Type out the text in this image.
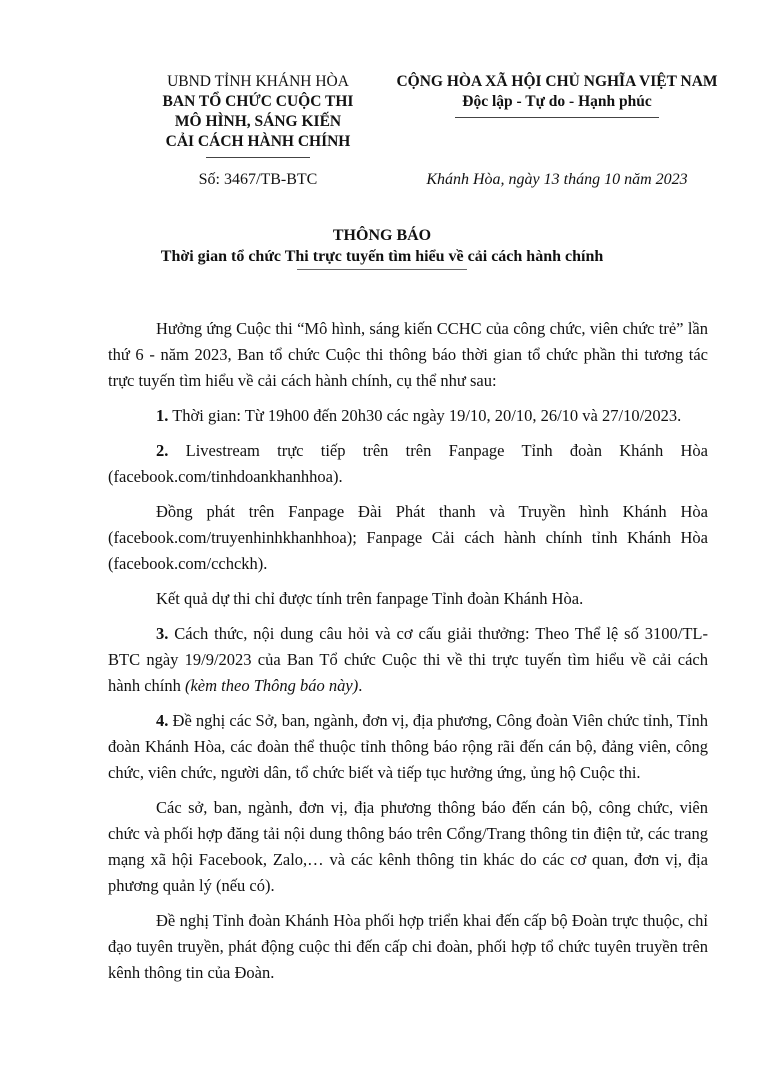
UBND TỈNH KHÁNH HÒA
BAN TỔ CHỨC CUỘC THI
MÔ HÌNH, SÁNG KIẾN
CẢI CÁCH HÀNH CHÍNH
CỘNG HÒA XÃ HỘI CHỦ NGHĨA VIỆT NAM
Độc lập - Tự do - Hạnh phúc
Số: 3467/TB-BTC	Khánh Hòa, ngày 13 tháng 10 năm 2023
THÔNG BÁO
Thời gian tổ chức Thi trực tuyến tìm hiểu về cải cách hành chính

Hưởng ứng Cuộc thi “Mô hình, sáng kiến CCHC của công chức, viên chức trẻ” lần thứ 6 - năm 2023, Ban tổ chức Cuộc thi thông báo thời gian tổ chức phần thi tương tác trực tuyến tìm hiểu về cải cách hành chính, cụ thể như sau:

1. Thời gian: Từ 19h00 đến 20h30 các ngày 19/10, 20/10, 26/10 và 27/10/2023.

2. Livestream trực tiếp trên trên Fanpage Tỉnh đoàn Khánh Hòa (facebook.com/tinhdoankhanhhoa).

Đồng phát trên Fanpage Đài Phát thanh và Truyền hình Khánh Hòa (facebook.com/truyenhinhkhanhhoa); Fanpage Cải cách hành chính tỉnh Khánh Hòa (facebook.com/cchckh).

Kết quả dự thi chỉ được tính trên fanpage Tỉnh đoàn Khánh Hòa.

3. Cách thức, nội dung câu hỏi và cơ cấu giải thưởng: Theo Thể lệ số 3100/TL-BTC ngày 19/9/2023 của Ban Tổ chức Cuộc thi về thi trực tuyến tìm hiểu về cải cách hành chính (kèm theo Thông báo này).

4. Đề nghị các Sở, ban, ngành, đơn vị, địa phương, Công đoàn Viên chức tỉnh, Tỉnh đoàn Khánh Hòa, các đoàn thể thuộc tỉnh thông báo rộng rãi đến cán bộ, đảng viên, công chức, viên chức, người dân, tổ chức biết và tiếp tục hưởng ứng, ủng hộ Cuộc thi.

Các sở, ban, ngành, đơn vị, địa phương thông báo đến cán bộ, công chức, viên chức và phối hợp đăng tải nội dung thông báo trên Cổng/Trang thông tin điện tử, các trang mạng xã hội Facebook, Zalo,… và các kênh thông tin khác do các cơ quan, đơn vị, địa phương quản lý (nếu có).

Đề nghị Tỉnh đoàn Khánh Hòa phối hợp triển khai đến cấp bộ Đoàn trực thuộc, chỉ đạo tuyên truyền, phát động cuộc thi đến cấp chi đoàn, phối hợp tổ chức tuyên truyền trên kênh thông tin của Đoàn.
